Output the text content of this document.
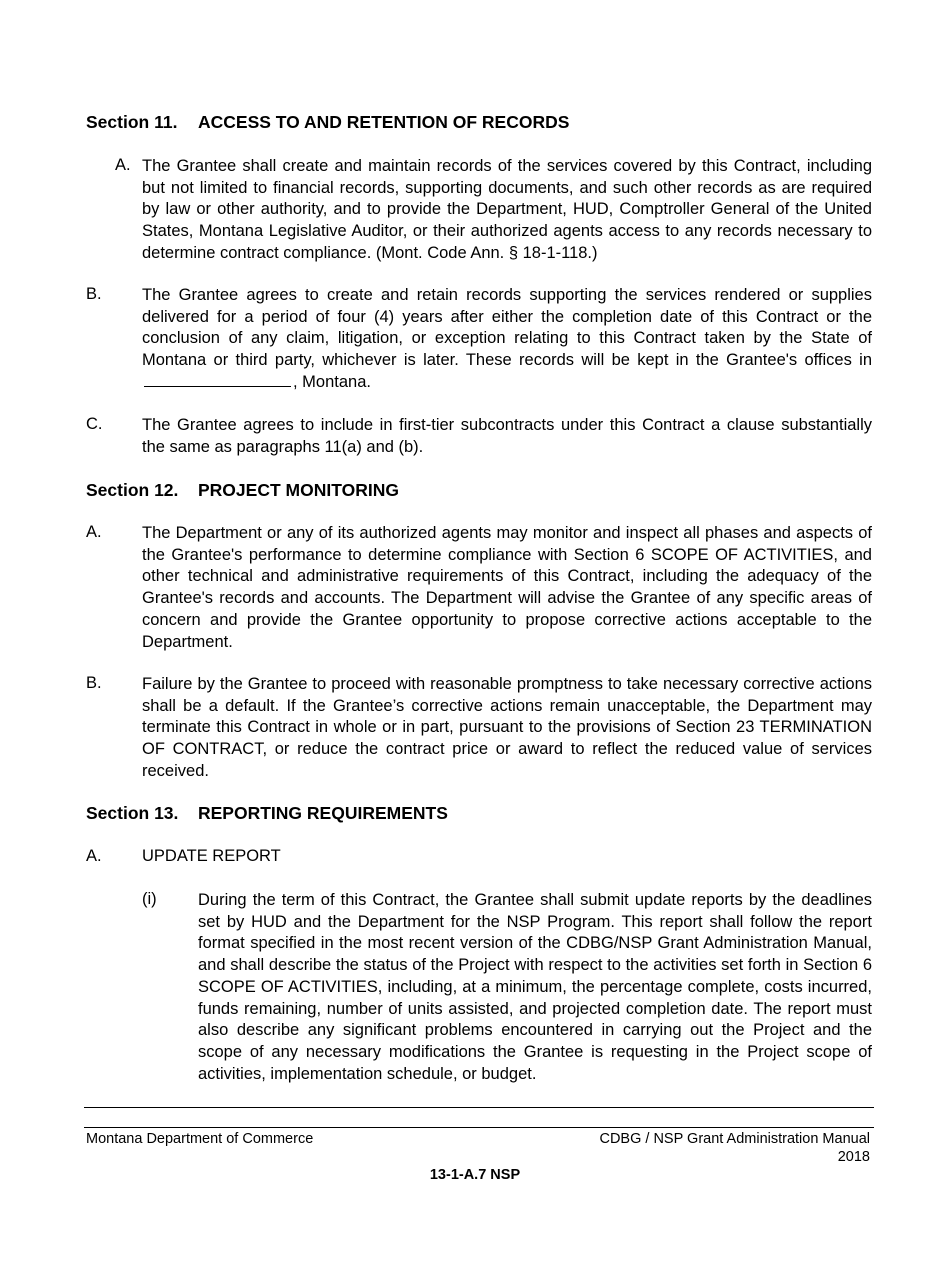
Section 11. ACCESS TO AND RETENTION OF RECORDS
A. The Grantee shall create and maintain records of the services covered by this Contract, including but not limited to financial records, supporting documents, and such other records as are required by law or other authority, and to provide the Department, HUD, Comptroller General of the United States, Montana Legislative Auditor, or their authorized agents access to any records necessary to determine contract compliance. (Mont. Code Ann. § 18-1-118.)

B. The Grantee agrees to create and retain records supporting the services rendered or supplies delivered for a period of four (4) years after either the completion date of this Contract or the conclusion of any claim, litigation, or exception relating to this Contract taken by the State of Montana or third party, whichever is later. These records will be kept in the Grantee's offices in , Montana.

C. The Grantee agrees to include in first-tier subcontracts under this Contract a clause substantially the same as paragraphs 11(a) and (b).

Section 12. PROJECT MONITORING
A. The Department or any of its authorized agents may monitor and inspect all phases and aspects of the Grantee's performance to determine compliance with Section 6 SCOPE OF ACTIVITIES, and other technical and administrative requirements of this Contract, including the adequacy of the Grantee's records and accounts. The Department will advise the Grantee of any specific areas of concern and provide the Grantee opportunity to propose corrective actions acceptable to the Department.

B. Failure by the Grantee to proceed with reasonable promptness to take necessary corrective actions shall be a default. If the Grantee’s corrective actions remain unacceptable, the Department may terminate this Contract in whole or in part, pursuant to the provisions of Section 23 TERMINATION OF CONTRACT, or reduce the contract price or award to reflect the reduced value of services received.

Section 13. REPORTING REQUIREMENTS
A. UPDATE REPORT
(i)	During the term of this Contract, the Grantee shall submit update reports by the deadlines set by HUD and the Department for the NSP Program. This report shall follow the report format specified in the most recent version of the CDBG/NSP Grant Administration Manual, and shall describe the status of the Project with respect to the activities set forth in Section 6 SCOPE OF ACTIVITIES, including, at a minimum, the percentage complete, costs incurred, funds remaining, number of units assisted, and projected completion date. The report must also describe any significant problems encountered in carrying out the Project and the scope of any necessary modifications the Grantee is requesting in the Project scope of activities, implementation schedule, or budget.

Montana Department of Commerce	CDBG / NSP Grant Administration Manual
2018
13-1-A.7 NSP
